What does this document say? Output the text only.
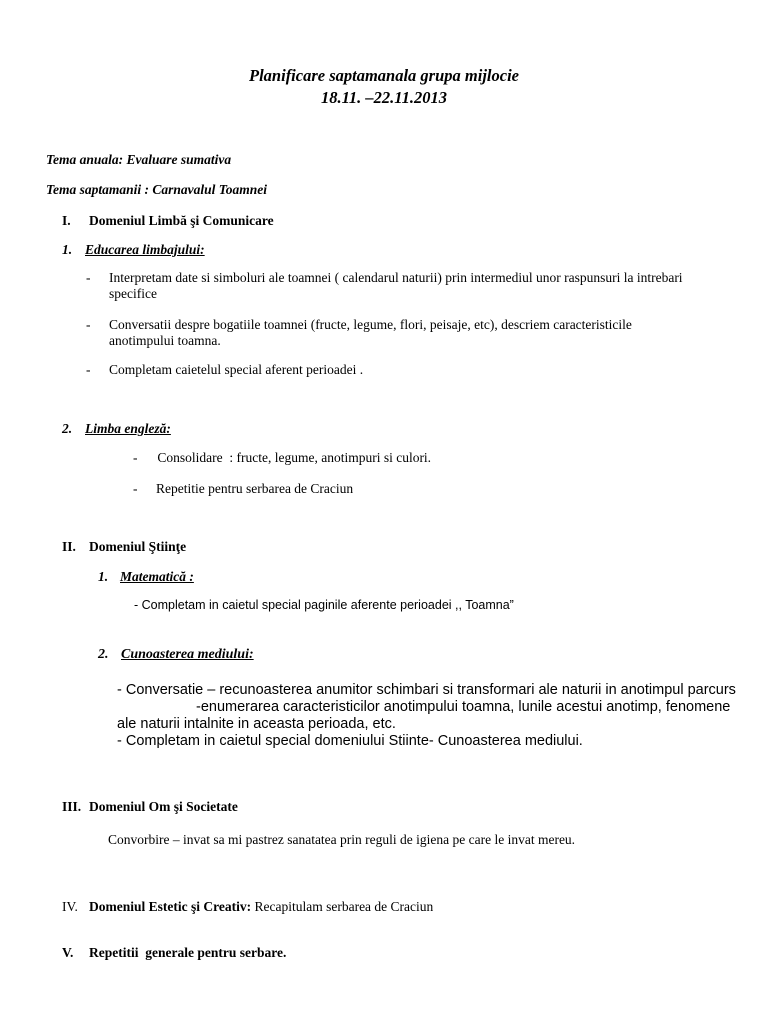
Planificare saptamanala grupa mijlocie
18.11. –22.11.2013
Tema anuala: Evaluare sumativa
Tema saptamanii : Carnavalul Toamnei
I. Domeniul Limbă şi Comunicare
1. Educarea limbajului:
- Interpretam date si simboluri ale toamnei ( calendarul naturii) prin intermediul unor raspunsuri la intrebari specifice
- Conversatii despre bogatiile toamnei (fructe, legume, flori, peisaje, etc), descriem caracteristicile anotimpului toamna.
- Completam caietelul special aferent perioadei .
2. Limba engleză:
- Consolidare  : fructe, legume, anotimpuri si culori.
- Repetitie pentru serbarea de Craciun
II. Domeniul Ştiinţe
1. Matematică :
- Completam in caietul special paginile aferente perioadei ,, Toamna”
2. Cunoasterea mediului:
- Conversatie – recunoasterea anumitor schimbari si transformari ale naturii in anotimpul parcurs
-enumerarea caracteristicilor anotimpului toamna, lunile acestui anotimp, fenomene
ale naturii intalnite in aceasta perioada, etc.
- Completam in caietul special domeniului Stiinte- Cunoasterea mediului.
III. Domeniul Om şi Societate
Convorbire – invat sa mi pastrez sanatatea prin reguli de igiena pe care le invat mereu.
IV. Domeniul Estetic şi Creativ: Recapitulam serbarea de Craciun
V. Repetitii  generale pentru serbare.
